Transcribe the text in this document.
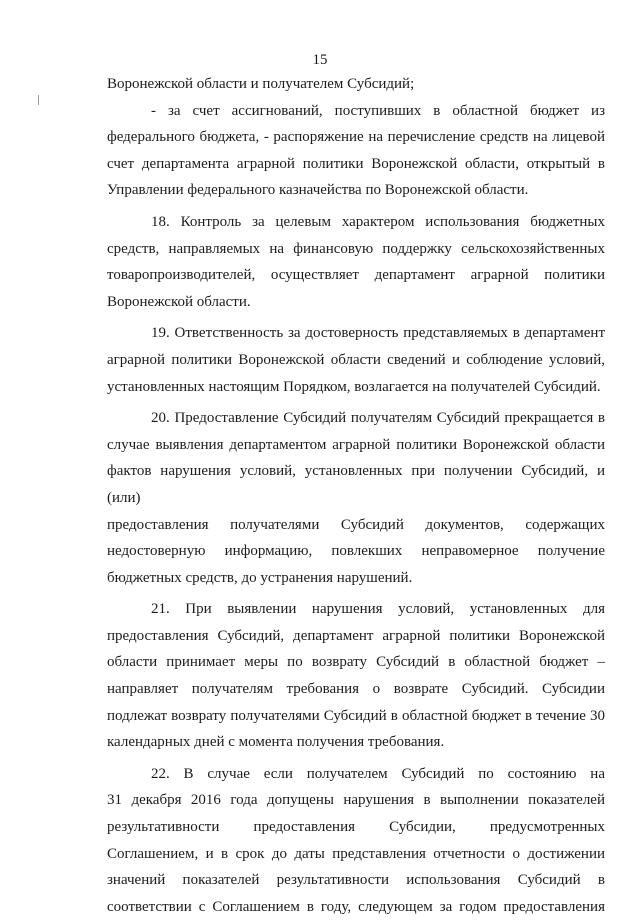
15

Воронежской области и получателем Субсидий;

- за счет ассигнований, поступивших в областной бюджет из

федерального бюджета, - распоряжение на перечисление средств на лицевой

счет департамента аграрной политики Воронежской области, открытый в

Управлении федерального казначейства по Воронежской области.

18. Контроль за целевым характером использования бюджетных

средств, направляемых на финансовую поддержку сельскохозяйственных

товаропроизводителей, осуществляет департамент аграрной политики

Воронежской области.

19. Ответственность за достоверность представляемых в департамент

аграрной политики Воронежской области сведений и соблюдение условий,

установленных настоящим Порядком, возлагается на получателей Субсидий.

20. Предоставление Субсидий получателям Субсидий прекращается в

случае выявления департаментом аграрной политики Воронежской области

фактов нарушения условий, установленных при получении Субсидий, и (или)

предоставления получателями Субсидий документов, содержащих

недостоверную информацию, повлекших неправомерное получение

бюджетных средств, до устранения нарушений.

21. При выявлении нарушения условий, установленных для

предоставления Субсидий, департамент аграрной политики Воронежской

области принимает меры по возврату Субсидий в областной бюджет –

направляет получателям требования о возврате Субсидий. Субсидии

подлежат возврату получателями Субсидий в областной бюджет в течение 30

календарных дней с момента получения требования.

22. В случае если получателем Субсидий по состоянию на

31 декабря 2016 года допущены нарушения в выполнении показателей

результативности предоставления Субсидии, предусмотренных

Соглашением, и в срок до даты представления отчетности о достижении

значений показателей результативности использования Субсидий в

соответствии с Соглашением в году, следующем за годом предоставления
